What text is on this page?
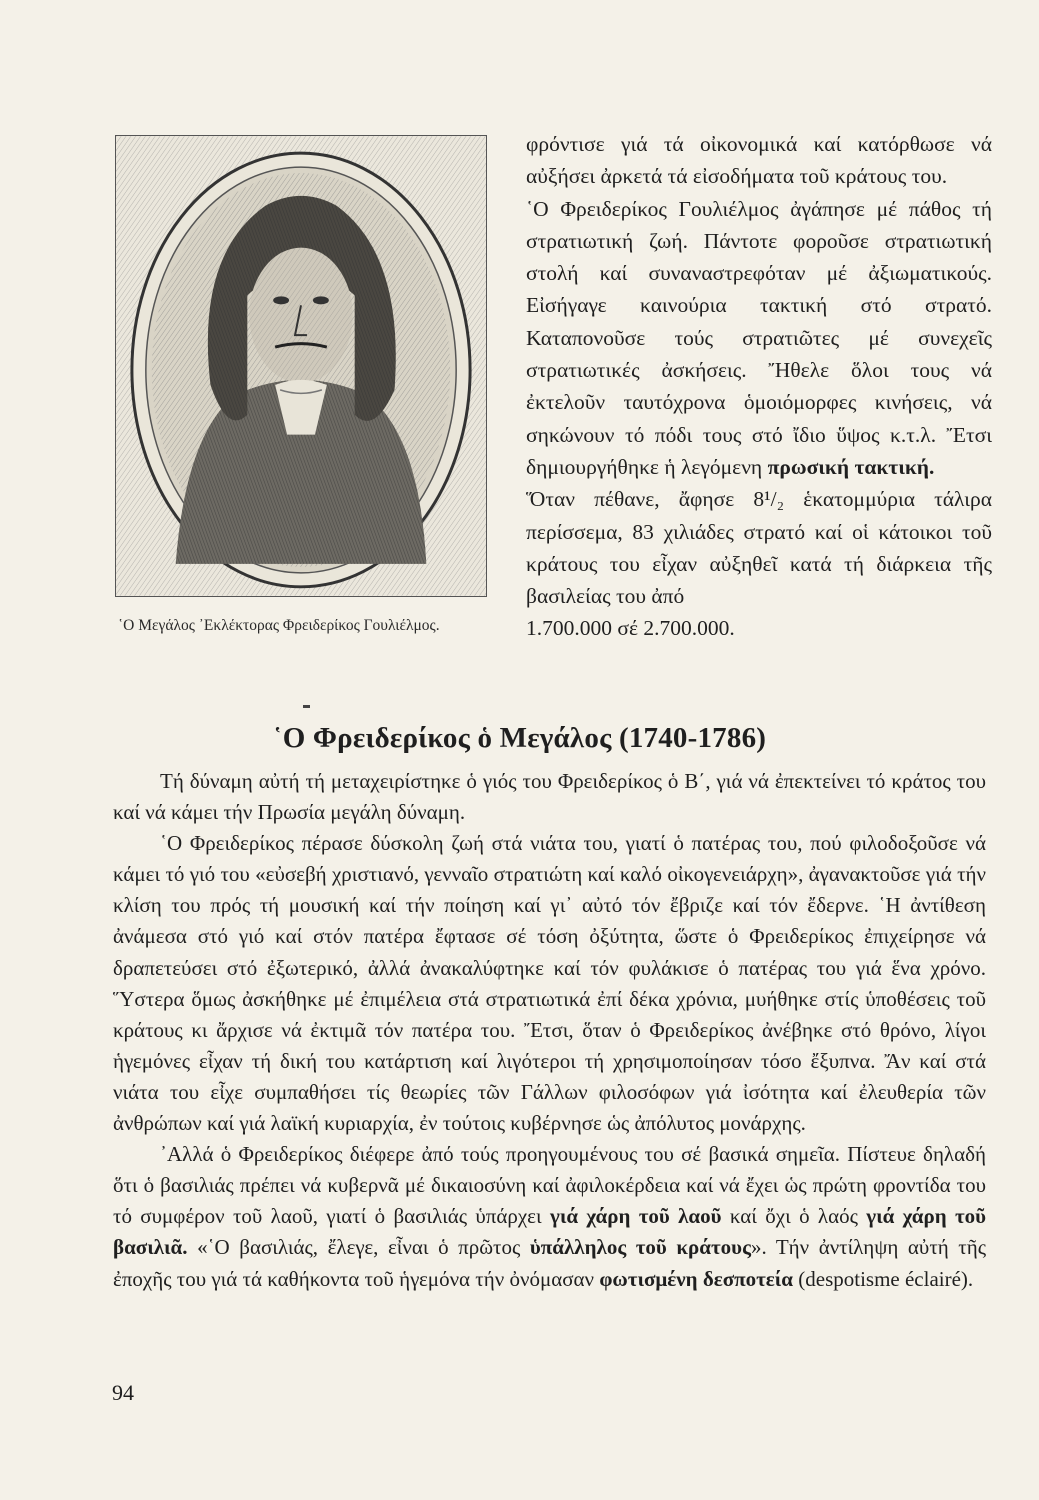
῾Ο Μεγάλος ᾿Εκλέκτορας Φρειδερίκος Γουλιέλμος.

φρόντισε γιά τά οἰκονομικά καί κατόρθωσε νά αὐξήσει ἀρκετά τά εἰσοδήματα τοῦ κράτους του.

῾Ο Φρειδερίκος Γουλιέλμος ἀγάπησε μέ πάθος τή στρατιωτική ζωή. Πάντοτε φοροῦσε στρατιωτική στολή καί συναναστρεφόταν μέ ἀξιωματικούς. Εἰσήγαγε καινούρια τακτική στό στρατό. Καταπονοῦσε τούς στρατιῶτες μέ συνεχεῖς στρατιωτικές ἀσκήσεις. Ἤθελε ὅλοι τους νά ἐκτελοῦν ταυτόχρονα ὁμοιόμορφες κινήσεις, νά σηκώνουν τό πόδι τους στό ἴδιο ὕψος κ.τ.λ. Ἔτσι δημιουργήθηκε ἡ λεγόμενη πρωσική τακτική.

Ὅταν πέθανε, ἄφησε 8¹/₂ ἑκατομμύρια τάλιρα περίσσεμα, 83 χιλιάδες στρατό καί οἱ κάτοικοι τοῦ κράτους του εἶχαν αὐξηθεῖ κατά τή διάρκεια τῆς βασιλείας του ἀπό
1.700.000 σέ 2.700.000.

῾Ο Φρειδερίκος ὁ Μεγάλος (1740-1786)

Τή δύναμη αὐτή τή μεταχειρίστηκε ὁ γιός του Φρειδερίκος ὁ Β΄, γιά νά ἐπεκτείνει τό κράτος του καί νά κάμει τήν Πρωσία μεγάλη δύναμη.

῾Ο Φρειδερίκος πέρασε δύσκολη ζωή στά νιάτα του, γιατί ὁ πατέρας του, πού φιλοδοξοῦσε νά κάμει τό γιό του «εὐσεβή χριστιανό, γενναῖο στρατιώτη καί καλό οἰκογενειάρχη», ἀγανακτοῦσε γιά τήν κλίση του πρός τή μουσική καί τήν ποίηση καί γι᾿ αὐτό τόν ἔβριζε καί τόν ἔδερνε. ῾Η ἀντίθεση ἀνάμεσα στό γιό καί στόν πατέρα ἔφτασε σέ τόση ὀξύτητα, ὥστε ὁ Φρειδερίκος ἐπιχείρησε νά δραπετεύσει στό ἐξωτερικό, ἀλλά ἀνακαλύφτηκε καί τόν φυλάκισε ὁ πατέρας του γιά ἕνα χρόνο. Ὕστερα ὅμως ἀσκήθηκε μέ ἐπιμέλεια στά στρατιωτικά ἐπί δέκα χρόνια, μυήθηκε στίς ὑποθέσεις τοῦ κράτους κι ἄρχισε νά ἐκτιμᾶ τόν πατέρα του. Ἔτσι, ὅταν ὁ Φρειδερίκος ἀνέβηκε στό θρόνο, λίγοι ἡγεμόνες εἶχαν τή δική του κατάρτιση καί λιγότεροι τή χρησιμοποίησαν τόσο ἔξυπνα. Ἄν καί στά νιάτα του εἶχε συμπαθήσει τίς θεωρίες τῶν Γάλλων φιλοσόφων γιά ἰσότητα καί ἐλευθερία τῶν ἀνθρώπων καί γιά λαϊκή κυριαρχία, ἐν τούτοις κυβέρνησε ὡς ἀπόλυτος μονάρχης.

᾿Αλλά ὁ Φρειδερίκος διέφερε ἀπό τούς προηγουμένους του σέ βασικά σημεῖα. Πίστευε δηλαδή ὅτι ὁ βασιλιάς πρέπει νά κυβερνᾶ μέ δικαιοσύνη καί ἀφιλοκέρδεια καί νά ἔχει ὡς πρώτη φροντίδα του τό συμφέρον τοῦ λαοῦ, γιατί ὁ βασιλιάς ὑπάρχει γιά χάρη τοῦ λαοῦ καί ὄχι ὁ λαός γιά χάρη τοῦ βασιλιᾶ. «῾Ο βασιλιάς, ἔλεγε, εἶναι ὁ πρῶτος ὑπάλληλος τοῦ κράτους». Τήν ἀντίληψη αὐτή τῆς ἐποχῆς του γιά τά καθήκοντα τοῦ ἡγεμόνα τήν ὀνόμασαν φωτισμένη δεσποτεία (despotisme éclairé).

94
